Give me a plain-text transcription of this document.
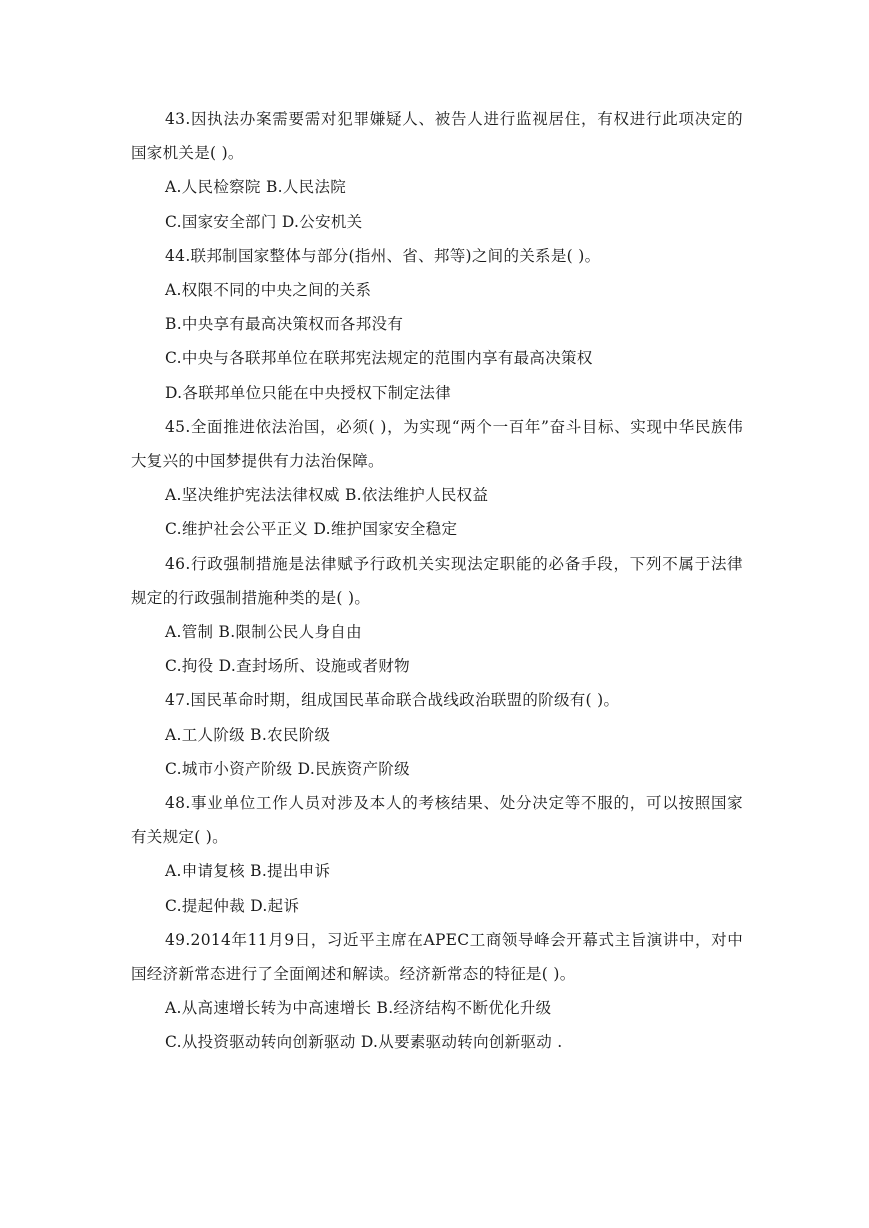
43.因执法办案需要需对犯罪嫌疑人、被告人进行监视居住，有权进行此项决定的国家机关是( )。

A.人民检察院 B.人民法院

C.国家安全部门 D.公安机关

44.联邦制国家整体与部分(指州、省、邦等)之间的关系是( )。

A.权限不同的中央之间的关系

B.中央享有最高决策权而各邦没有

C.中央与各联邦单位在联邦宪法规定的范围内享有最高决策权

D.各联邦单位只能在中央授权下制定法律

45.全面推进依法治国，必须( )，为实现“两个一百年”奋斗目标、实现中华民族伟大复兴的中国梦提供有力法治保障。

A.坚决维护宪法法律权威 B.依法维护人民权益

C.维护社会公平正义 D.维护国家安全稳定

46.行政强制措施是法律赋予行政机关实现法定职能的必备手段，下列不属于法律规定的行政强制措施种类的是( )。

A.管制 B.限制公民人身自由

C.拘役 D.查封场所、设施或者财物

47.国民革命时期，组成国民革命联合战线政治联盟的阶级有( )。

A.工人阶级 B.农民阶级

C.城市小资产阶级 D.民族资产阶级

48.事业单位工作人员对涉及本人的考核结果、处分决定等不服的，可以按照国家有关规定( )。

A.申请复核 B.提出申诉

C.提起仲裁 D.起诉

49.2014年11月9日，习近平主席在APEC工商领导峰会开幕式主旨演讲中，对中国经济新常态进行了全面阐述和解读。经济新常态的特征是( )。

A.从高速增长转为中高速增长 B.经济结构不断优化升级

C.从投资驱动转向创新驱动 D.从要素驱动转向创新驱动 .
